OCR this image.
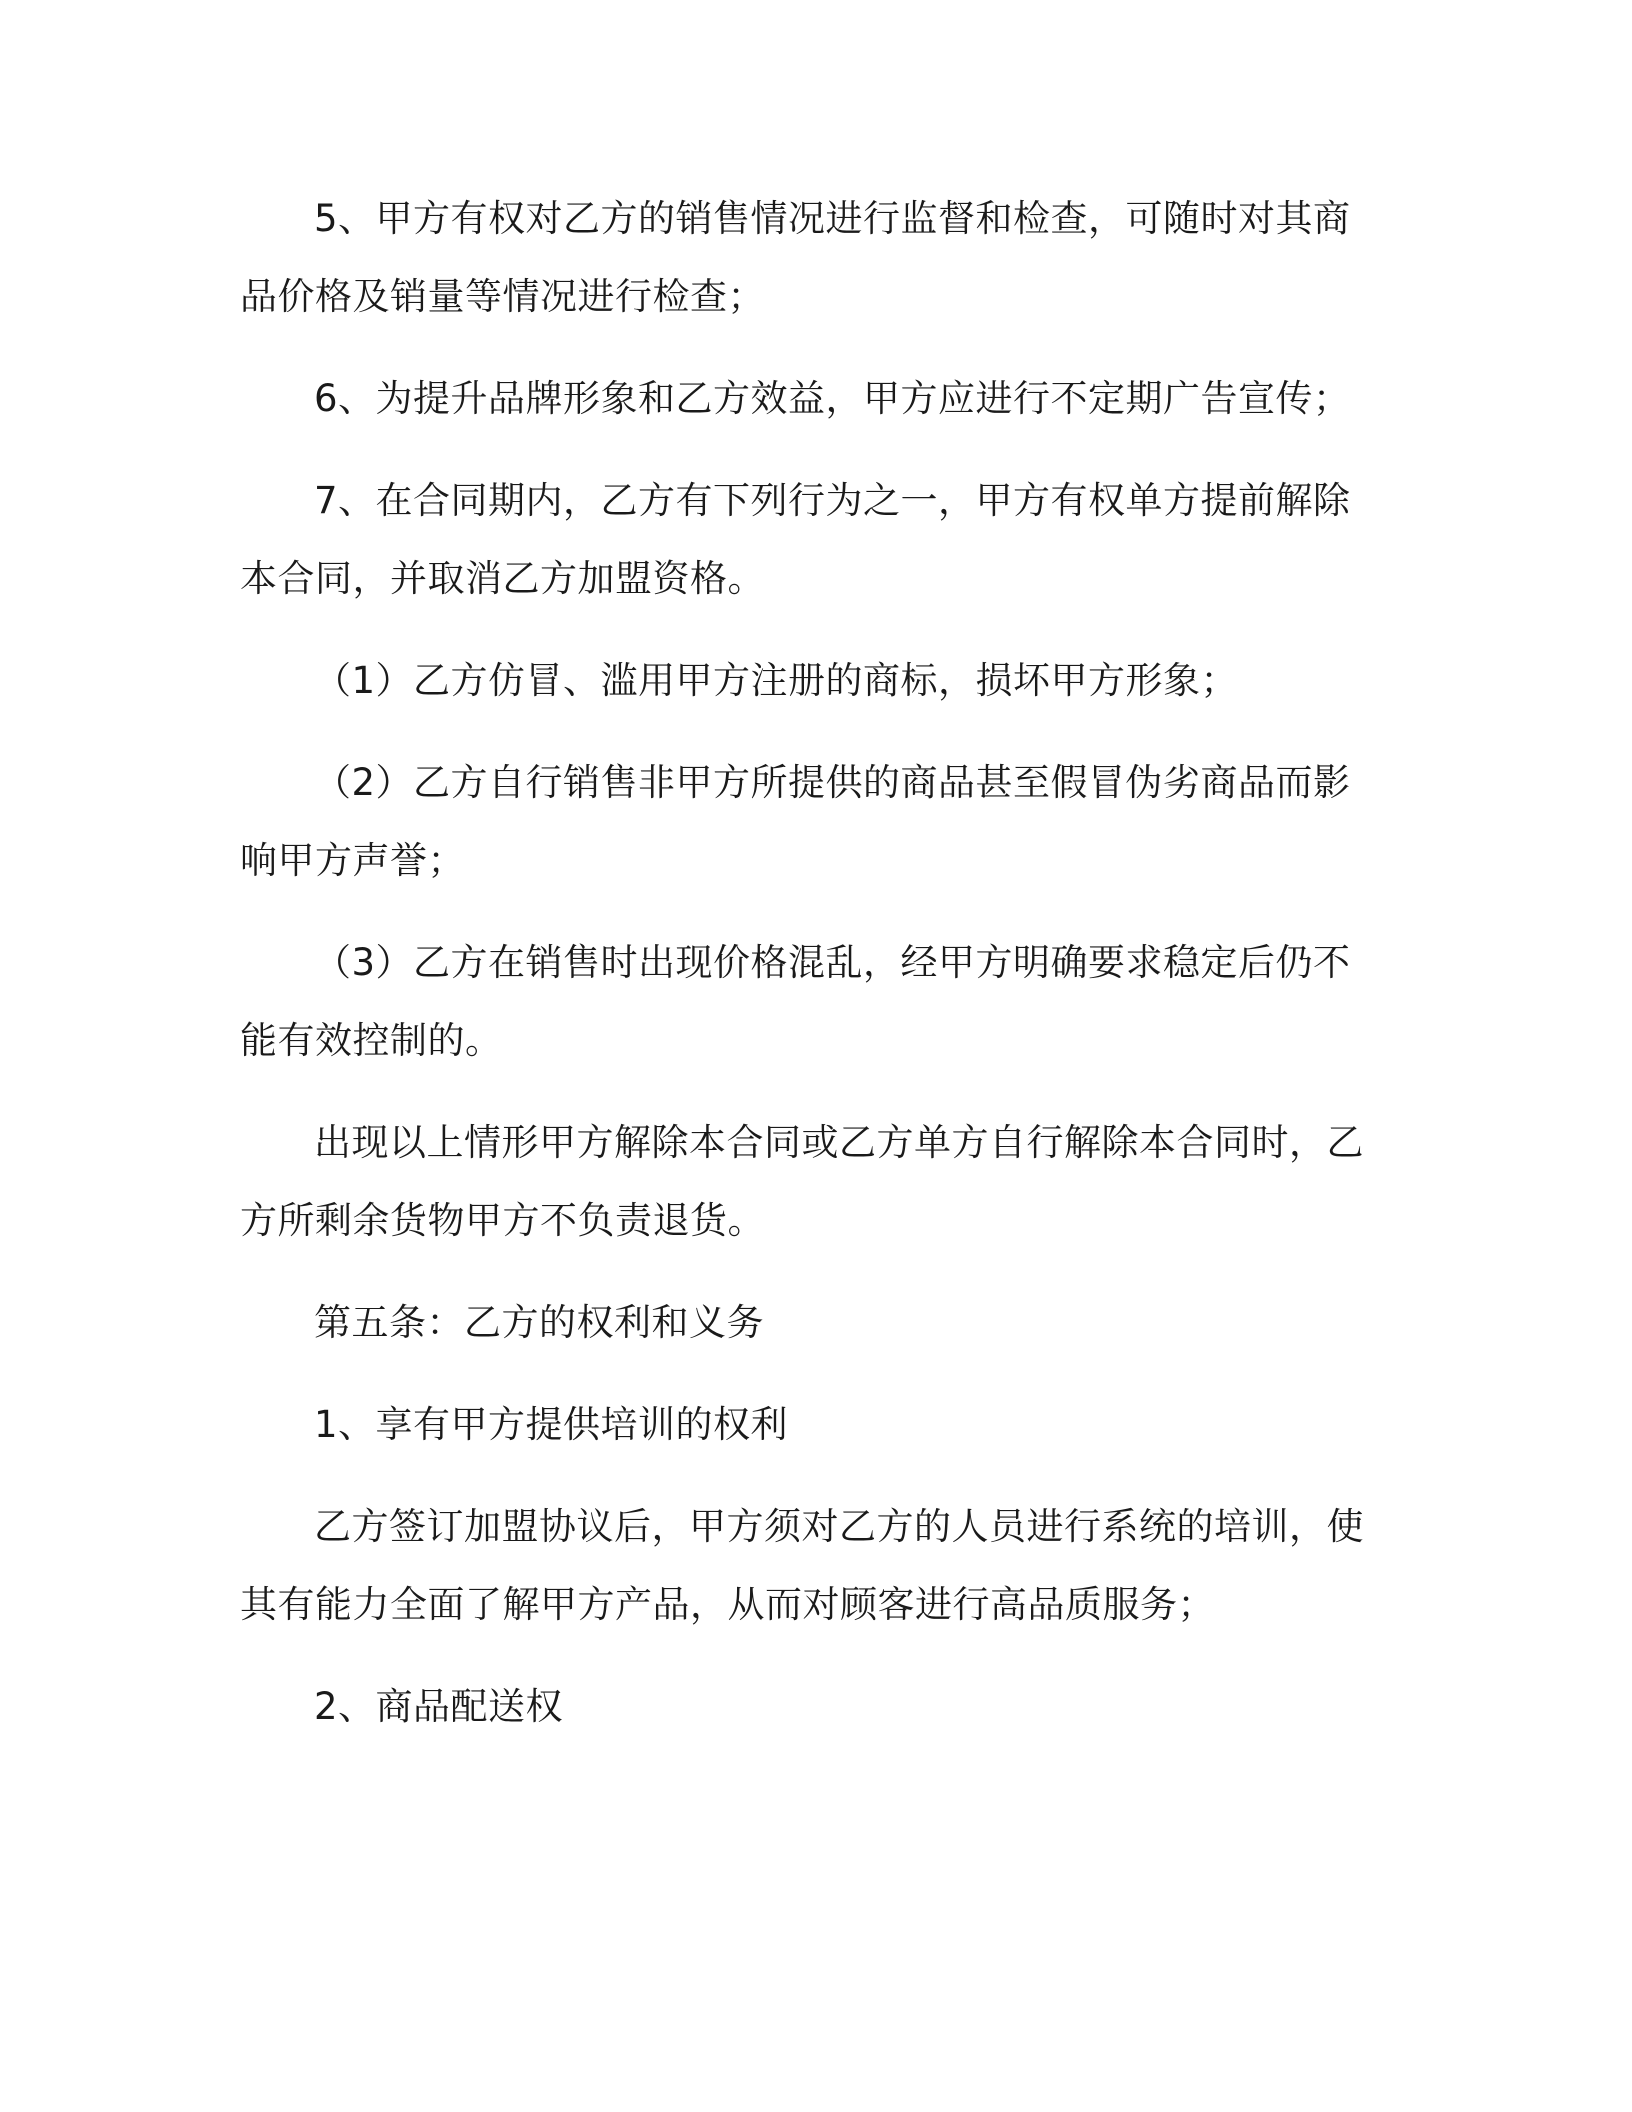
5、甲方有权对乙方的销售情况进行监督和检查，可随时对其商品价格及销量等情况进行检查；

6、为提升品牌形象和乙方效益，甲方应进行不定期广告宣传；

7、在合同期内，乙方有下列行为之一，甲方有权单方提前解除本合同，并取消乙方加盟资格。

（1）乙方仿冒、滥用甲方注册的商标，损坏甲方形象；

（2）乙方自行销售非甲方所提供的商品甚至假冒伪劣商品而影响甲方声誉；

（3）乙方在销售时出现价格混乱，经甲方明确要求稳定后仍不能有效控制的。

出现以上情形甲方解除本合同或乙方单方自行解除本合同时，乙方所剩余货物甲方不负责退货。

第五条：乙方的权利和义务

1、享有甲方提供培训的权利

乙方签订加盟协议后，甲方须对乙方的人员进行系统的培训，使其有能力全面了解甲方产品，从而对顾客进行高品质服务；

2、商品配送权
